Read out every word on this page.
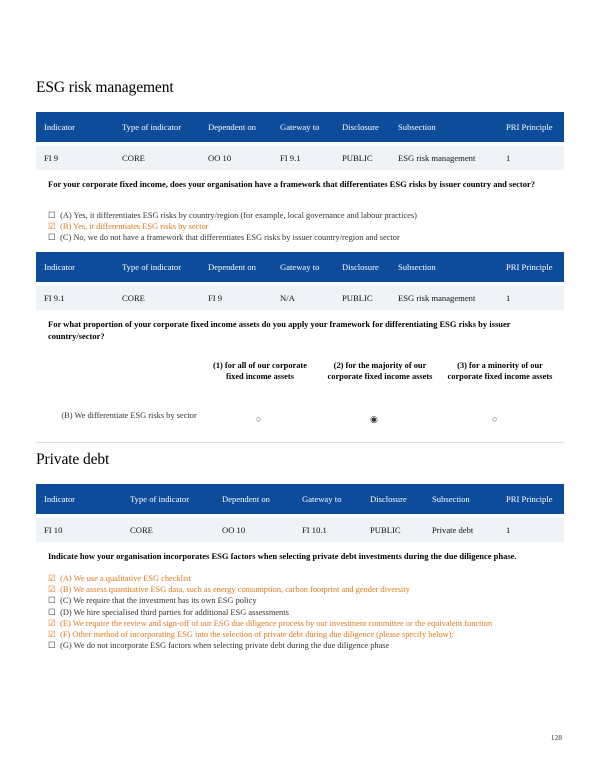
ESG risk management
Indicator	Type of indicator	Dependent on	Gateway to	Disclosure	Subsection	PRI Principle
FI 9	CORE	OO 10	FI 9.1	PUBLIC	ESG risk management	1
For your corporate fixed income, does your organisation have a framework that differentiates ESG risks by issuer country and sector?
☐ (A) Yes, it differentiates ESG risks by country/region (for example, local governance and labour practices)
☑ (B) Yes, it differentiates ESG risks by sector
☐ (C) No, we do not have a framework that differentiates ESG risks by issuer country/region and sector
Indicator	Type of indicator	Dependent on	Gateway to	Disclosure	Subsection	PRI Principle
FI 9.1	CORE	FI 9	N/A	PUBLIC	ESG risk management	1
For what proportion of your corporate fixed income assets do you apply your framework for differentiating ESG risks by issuer country/sector?
(1) for all of our corporate fixed income assets
(2) for the majority of our corporate fixed income assets
(3) for a minority of our corporate fixed income assets
(B) We differentiate ESG risks by sector	○	◉	○
Private debt
Indicator	Type of indicator	Dependent on	Gateway to	Disclosure	Subsection	PRI Principle
FI 10	CORE	OO 10	FI 10.1	PUBLIC	Private debt	1
Indicate how your organisation incorporates ESG factors when selecting private debt investments during the due diligence phase.
☑ (A) We use a qualitative ESG checklist
☑ (B) We assess quantitative ESG data, such as energy consumption, carbon footprint and gender diversity
☐ (C) We require that the investment has its own ESG policy
☐ (D) We hire specialised third parties for additional ESG assessments
☑ (E) We require the review and sign-off of our ESG due diligence process by our investment committee or the equivalent function
☑ (F) Other method of incorporating ESG into the selection of private debt during due diligence (please specify below):
☐ (G) We do not incorporate ESG factors when selecting private debt during the due diligence phase
128
